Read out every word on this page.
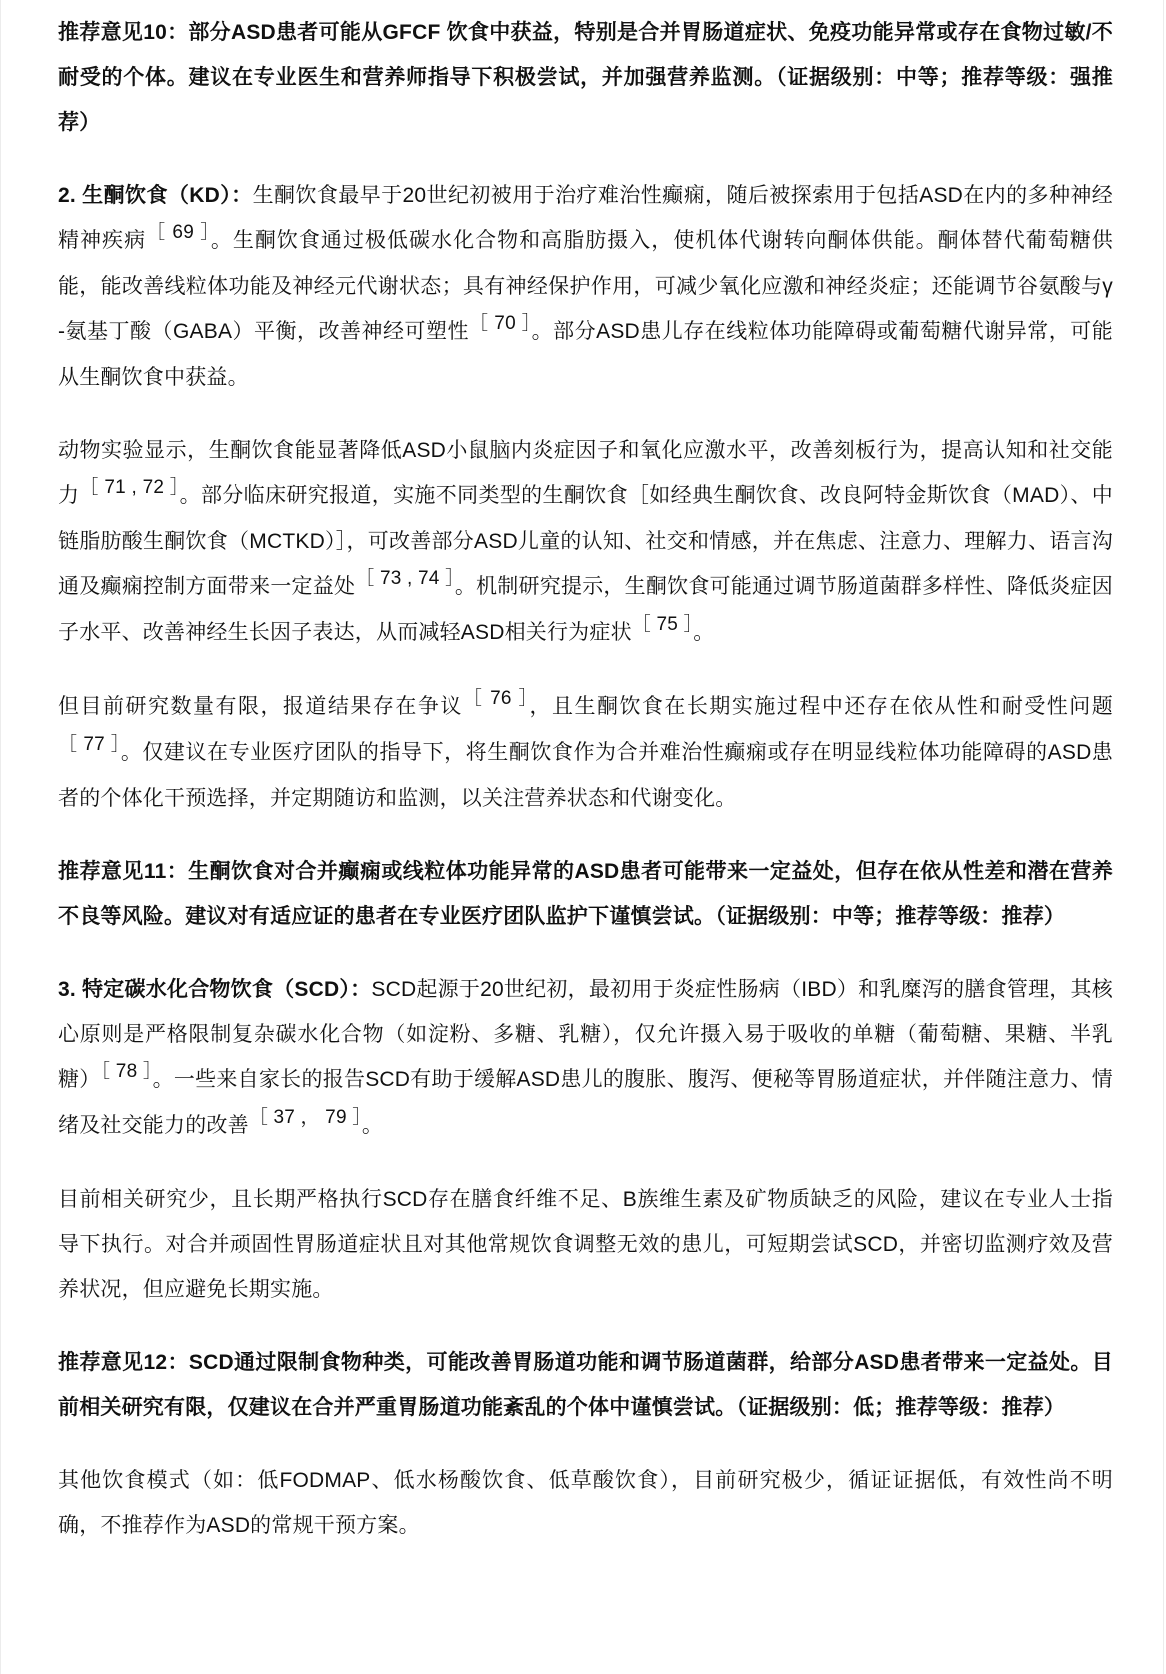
推荐意见10：部分ASD患者可能从GFCF 饮食中获益，特别是合并胃肠道症状、免疫功能异常或存在食物过敏/不耐受的个体。建议在专业医生和营养师指导下积极尝试，并加强营养监测。（证据级别：中等；推荐等级：强推荐）

2. 生酮饮食（KD）：生酮饮食最早于20世纪初被用于治疗难治性癫痫，随后被探索用于包括ASD在内的多种神经精神疾病［ 69 ］。生酮饮食通过极低碳水化合物和高脂肪摄入，使机体代谢转向酮体供能。酮体替代葡萄糖供能，能改善线粒体功能及神经元代谢状态；具有神经保护作用，可减少氧化应激和神经炎症；还能调节谷氨酸与γ-氨基丁酸（GABA）平衡，改善神经可塑性［ 70 ］。部分ASD患儿存在线粒体功能障碍或葡萄糖代谢异常，可能从生酮饮食中获益。

动物实验显示，生酮饮食能显著降低ASD小鼠脑内炎症因子和氧化应激水平，改善刻板行为，提高认知和社交能力［ 71 , 72 ］。部分临床研究报道，实施不同类型的生酮饮食［如经典生酮饮食、改良阿特金斯饮食（MAD）、中链脂肪酸生酮饮食（MCTKD）］，可改善部分ASD儿童的认知、社交和情感，并在焦虑、注意力、理解力、语言沟通及癫痫控制方面带来一定益处［ 73 , 74 ］。机制研究提示，生酮饮食可能通过调节肠道菌群多样性、降低炎症因子水平、改善神经生长因子表达，从而减轻ASD相关行为症状［ 75 ］。

但目前研究数量有限，报道结果存在争议［ 76 ］，且生酮饮食在长期实施过程中还存在依从性和耐受性问题［ 77 ］。仅建议在专业医疗团队的指导下，将生酮饮食作为合并难治性癫痫或存在明显线粒体功能障碍的ASD患者的个体化干预选择，并定期随访和监测，以关注营养状态和代谢变化。

推荐意见11：生酮饮食对合并癫痫或线粒体功能异常的ASD患者可能带来一定益处，但存在依从性差和潜在营养不良等风险。建议对有适应证的患者在专业医疗团队监护下谨慎尝试。（证据级别：中等；推荐等级：推荐）

3. 特定碳水化合物饮食（SCD）：SCD起源于20世纪初，最初用于炎症性肠病（IBD）和乳糜泻的膳食管理，其核心原则是严格限制复杂碳水化合物（如淀粉、多糖、乳糖），仅允许摄入易于吸收的单糖（葡萄糖、果糖、半乳糖）［ 78 ］。一些来自家长的报告SCD有助于缓解ASD患儿的腹胀、腹泻、便秘等胃肠道症状，并伴随注意力、情绪及社交能力的改善［ 37 ， 79 ］。

目前相关研究少，且长期严格执行SCD存在膳食纤维不足、B族维生素及矿物质缺乏的风险，建议在专业人士指导下执行。对合并顽固性胃肠道症状且对其他常规饮食调整无效的患儿，可短期尝试SCD，并密切监测疗效及营养状况，但应避免长期实施。

推荐意见12：SCD通过限制食物种类，可能改善胃肠道功能和调节肠道菌群，给部分ASD患者带来一定益处。目前相关研究有限，仅建议在合并严重胃肠道功能紊乱的个体中谨慎尝试。（证据级别：低；推荐等级：推荐）

其他饮食模式（如：低FODMAP、低水杨酸饮食、低草酸饮食），目前研究极少，循证证据低，有效性尚不明确，不推荐作为ASD的常规干预方案。
